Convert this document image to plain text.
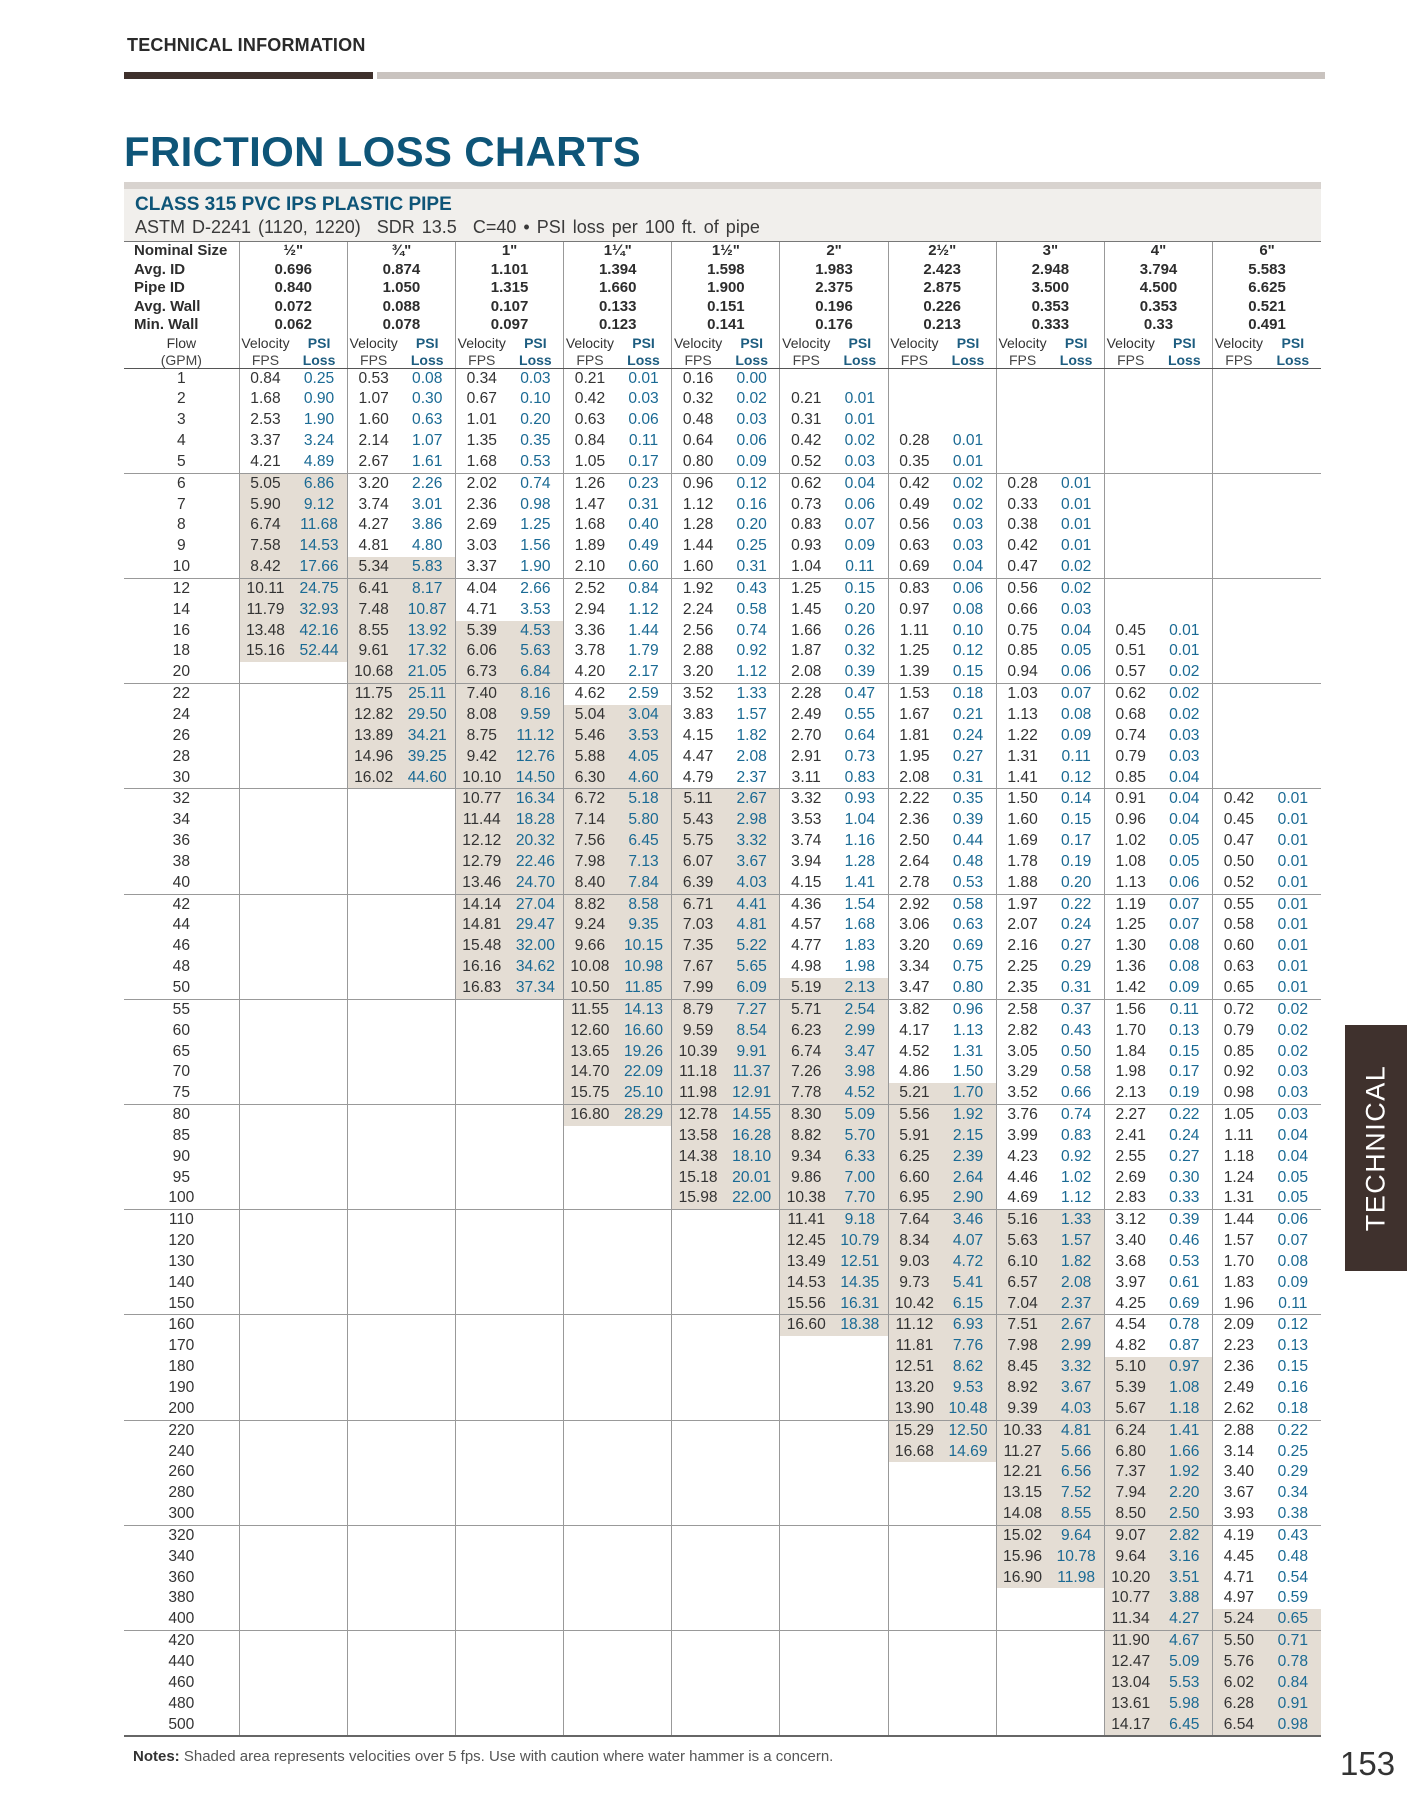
TECHNICAL INFORMATION
FRICTION LOSS CHARTS
CLASS 315 PVC IPS PLASTIC PIPE
ASTM D-2241 (1120, 1220) SDR 13.5 C=40 • PSI loss per 100 ft. of pipe
Nominal Size	½"		¾"		1"		1¼"		1½"		2"		2½"		3"		4"		6"	
Avg. ID	0.696		0.874		1.101		1.394		1.598		1.983		2.423		2.948		3.794		5.583	
Pipe ID	0.840		1.050		1.315		1.660		1.900		2.375		2.875		3.500		4.500		6.625	
Avg. Wall	0.072		0.088		0.107		0.133		0.151		0.196		0.226		0.353		0.353		0.521	
Min. Wall	0.062		0.078		0.097		0.123		0.141		0.176		0.213		0.333		0.33		0.491	
Flow	Velocity	PSI	Velocity	PSI	Velocity	PSI	Velocity	PSI	Velocity	PSI	Velocity	PSI	Velocity	PSI	Velocity	PSI	Velocity	PSI	Velocity	PSI
(GPM)	FPS	Loss	FPS	Loss	FPS	Loss	FPS	Loss	FPS	Loss	FPS	Loss	FPS	Loss	FPS	Loss	FPS	Loss	FPS	Loss
1	0.84	0.25	0.53	0.08	0.34	0.03	0.21	0.01	0.16	0.00										
2	1.68	0.90	1.07	0.30	0.67	0.10	0.42	0.03	0.32	0.02	0.21	0.01								
3	2.53	1.90	1.60	0.63	1.01	0.20	0.63	0.06	0.48	0.03	0.31	0.01								
4	3.37	3.24	2.14	1.07	1.35	0.35	0.84	0.11	0.64	0.06	0.42	0.02	0.28	0.01						
5	4.21	4.89	2.67	1.61	1.68	0.53	1.05	0.17	0.80	0.09	0.52	0.03	0.35	0.01						
6	5.05	6.86	3.20	2.26	2.02	0.74	1.26	0.23	0.96	0.12	0.62	0.04	0.42	0.02	0.28	0.01				
7	5.90	9.12	3.74	3.01	2.36	0.98	1.47	0.31	1.12	0.16	0.73	0.06	0.49	0.02	0.33	0.01				
8	6.74	11.68	4.27	3.86	2.69	1.25	1.68	0.40	1.28	0.20	0.83	0.07	0.56	0.03	0.38	0.01				
9	7.58	14.53	4.81	4.80	3.03	1.56	1.89	0.49	1.44	0.25	0.93	0.09	0.63	0.03	0.42	0.01				
10	8.42	17.66	5.34	5.83	3.37	1.90	2.10	0.60	1.60	0.31	1.04	0.11	0.69	0.04	0.47	0.02				
12	10.11	24.75	6.41	8.17	4.04	2.66	2.52	0.84	1.92	0.43	1.25	0.15	0.83	0.06	0.56	0.02				
14	11.79	32.93	7.48	10.87	4.71	3.53	2.94	1.12	2.24	0.58	1.45	0.20	0.97	0.08	0.66	0.03				
16	13.48	42.16	8.55	13.92	5.39	4.53	3.36	1.44	2.56	0.74	1.66	0.26	1.11	0.10	0.75	0.04	0.45	0.01		
18	15.16	52.44	9.61	17.32	6.06	5.63	3.78	1.79	2.88	0.92	1.87	0.32	1.25	0.12	0.85	0.05	0.51	0.01		
20			10.68	21.05	6.73	6.84	4.20	2.17	3.20	1.12	2.08	0.39	1.39	0.15	0.94	0.06	0.57	0.02		
22			11.75	25.11	7.40	8.16	4.62	2.59	3.52	1.33	2.28	0.47	1.53	0.18	1.03	0.07	0.62	0.02		
24			12.82	29.50	8.08	9.59	5.04	3.04	3.83	1.57	2.49	0.55	1.67	0.21	1.13	0.08	0.68	0.02		
26			13.89	34.21	8.75	11.12	5.46	3.53	4.15	1.82	2.70	0.64	1.81	0.24	1.22	0.09	0.74	0.03		
28			14.96	39.25	9.42	12.76	5.88	4.05	4.47	2.08	2.91	0.73	1.95	0.27	1.31	0.11	0.79	0.03		
30			16.02	44.60	10.10	14.50	6.30	4.60	4.79	2.37	3.11	0.83	2.08	0.31	1.41	0.12	0.85	0.04		
32					10.77	16.34	6.72	5.18	5.11	2.67	3.32	0.93	2.22	0.35	1.50	0.14	0.91	0.04	0.42	0.01
34					11.44	18.28	7.14	5.80	5.43	2.98	3.53	1.04	2.36	0.39	1.60	0.15	0.96	0.04	0.45	0.01
36					12.12	20.32	7.56	6.45	5.75	3.32	3.74	1.16	2.50	0.44	1.69	0.17	1.02	0.05	0.47	0.01
38					12.79	22.46	7.98	7.13	6.07	3.67	3.94	1.28	2.64	0.48	1.78	0.19	1.08	0.05	0.50	0.01
40					13.46	24.70	8.40	7.84	6.39	4.03	4.15	1.41	2.78	0.53	1.88	0.20	1.13	0.06	0.52	0.01
42					14.14	27.04	8.82	8.58	6.71	4.41	4.36	1.54	2.92	0.58	1.97	0.22	1.19	0.07	0.55	0.01
44					14.81	29.47	9.24	9.35	7.03	4.81	4.57	1.68	3.06	0.63	2.07	0.24	1.25	0.07	0.58	0.01
46					15.48	32.00	9.66	10.15	7.35	5.22	4.77	1.83	3.20	0.69	2.16	0.27	1.30	0.08	0.60	0.01
48					16.16	34.62	10.08	10.98	7.67	5.65	4.98	1.98	3.34	0.75	2.25	0.29	1.36	0.08	0.63	0.01
50					16.83	37.34	10.50	11.85	7.99	6.09	5.19	2.13	3.47	0.80	2.35	0.31	1.42	0.09	0.65	0.01
55							11.55	14.13	8.79	7.27	5.71	2.54	3.82	0.96	2.58	0.37	1.56	0.11	0.72	0.02
60							12.60	16.60	9.59	8.54	6.23	2.99	4.17	1.13	2.82	0.43	1.70	0.13	0.79	0.02
65							13.65	19.26	10.39	9.91	6.74	3.47	4.52	1.31	3.05	0.50	1.84	0.15	0.85	0.02
70							14.70	22.09	11.18	11.37	7.26	3.98	4.86	1.50	3.29	0.58	1.98	0.17	0.92	0.03
75							15.75	25.10	11.98	12.91	7.78	4.52	5.21	1.70	3.52	0.66	2.13	0.19	0.98	0.03
80							16.80	28.29	12.78	14.55	8.30	5.09	5.56	1.92	3.76	0.74	2.27	0.22	1.05	0.03
85									13.58	16.28	8.82	5.70	5.91	2.15	3.99	0.83	2.41	0.24	1.11	0.04
90									14.38	18.10	9.34	6.33	6.25	2.39	4.23	0.92	2.55	0.27	1.18	0.04
95									15.18	20.01	9.86	7.00	6.60	2.64	4.46	1.02	2.69	0.30	1.24	0.05
100									15.98	22.00	10.38	7.70	6.95	2.90	4.69	1.12	2.83	0.33	1.31	0.05
110											11.41	9.18	7.64	3.46	5.16	1.33	3.12	0.39	1.44	0.06
120											12.45	10.79	8.34	4.07	5.63	1.57	3.40	0.46	1.57	0.07
130											13.49	12.51	9.03	4.72	6.10	1.82	3.68	0.53	1.70	0.08
140											14.53	14.35	9.73	5.41	6.57	2.08	3.97	0.61	1.83	0.09
150											15.56	16.31	10.42	6.15	7.04	2.37	4.25	0.69	1.96	0.11
160											16.60	18.38	11.12	6.93	7.51	2.67	4.54	0.78	2.09	0.12
170													11.81	7.76	7.98	2.99	4.82	0.87	2.23	0.13
180													12.51	8.62	8.45	3.32	5.10	0.97	2.36	0.15
190													13.20	9.53	8.92	3.67	5.39	1.08	2.49	0.16
200													13.90	10.48	9.39	4.03	5.67	1.18	2.62	0.18
220													15.29	12.50	10.33	4.81	6.24	1.41	2.88	0.22
240													16.68	14.69	11.27	5.66	6.80	1.66	3.14	0.25
260															12.21	6.56	7.37	1.92	3.40	0.29
280															13.15	7.52	7.94	2.20	3.67	0.34
300															14.08	8.55	8.50	2.50	3.93	0.38
320															15.02	9.64	9.07	2.82	4.19	0.43
340															15.96	10.78	9.64	3.16	4.45	0.48
360															16.90	11.98	10.20	3.51	4.71	0.54
380																	10.77	3.88	4.97	0.59
400																	11.34	4.27	5.24	0.65
420																	11.90	4.67	5.50	0.71
440																	12.47	5.09	5.76	0.78
460																	13.04	5.53	6.02	0.84
480																	13.61	5.98	6.28	0.91
500																	14.17	6.45	6.54	0.98
Notes: Shaded area represents velocities over 5 fps. Use with caution where water hammer is a concern.
TECHNICAL
153
